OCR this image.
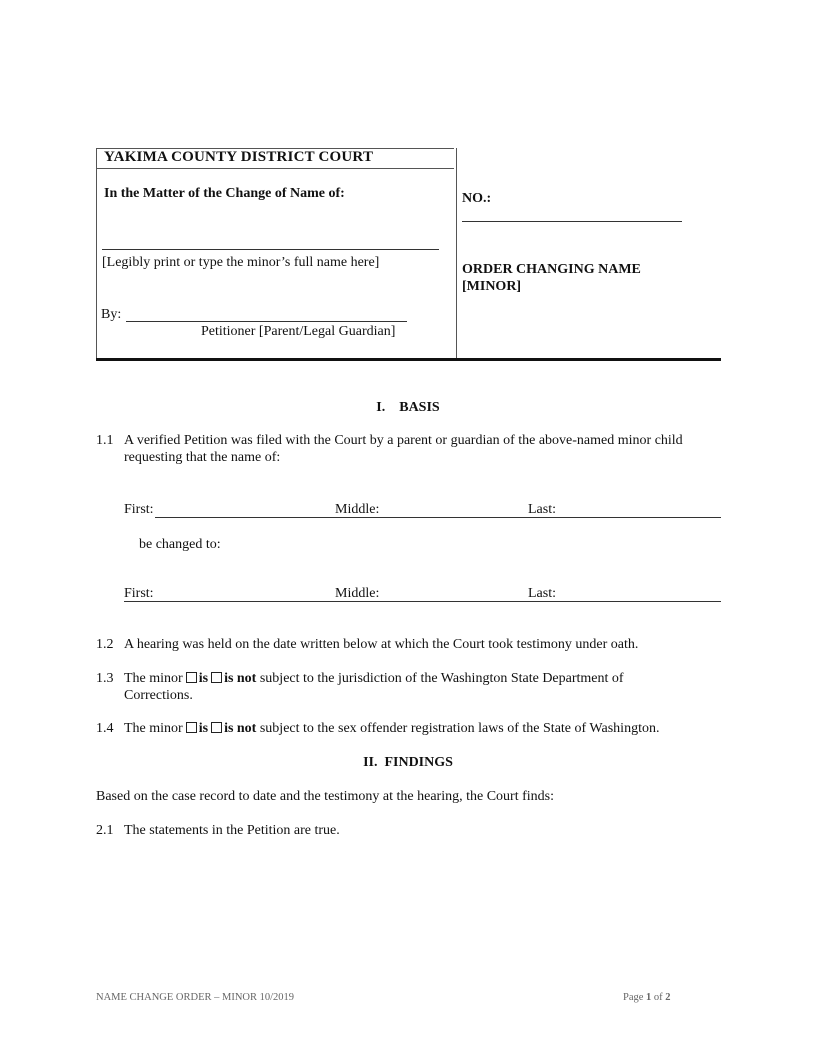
YAKIMA COUNTY DISTRICT COURT
In the Matter of the Change of Name of:
[Legibly print or type the minor’s full name here]
By:
Petitioner [Parent/Legal Guardian]
NO.:
ORDER CHANGING NAME
[MINOR]
I.    BASIS
1.1 A verified Petition was filed with the Court by a parent or guardian of the above-named minor child
requesting that the name of:
First:	Middle:	Last:
be changed to:
First:	Middle:	Last:
1.2 A hearing was held on the date written below at which the Court took testimony under oath.
1.3 The minor is is not subject to the jurisdiction of the Washington State Department of
Corrections.
1.4 The minor is is not subject to the sex offender registration laws of the State of Washington.
II.  FINDINGS
Based on the case record to date and the testimony at the hearing, the Court finds:
2.1 The statements in the Petition are true.
NAME CHANGE ORDER – MINOR 10/2019	Page 1 of 2
